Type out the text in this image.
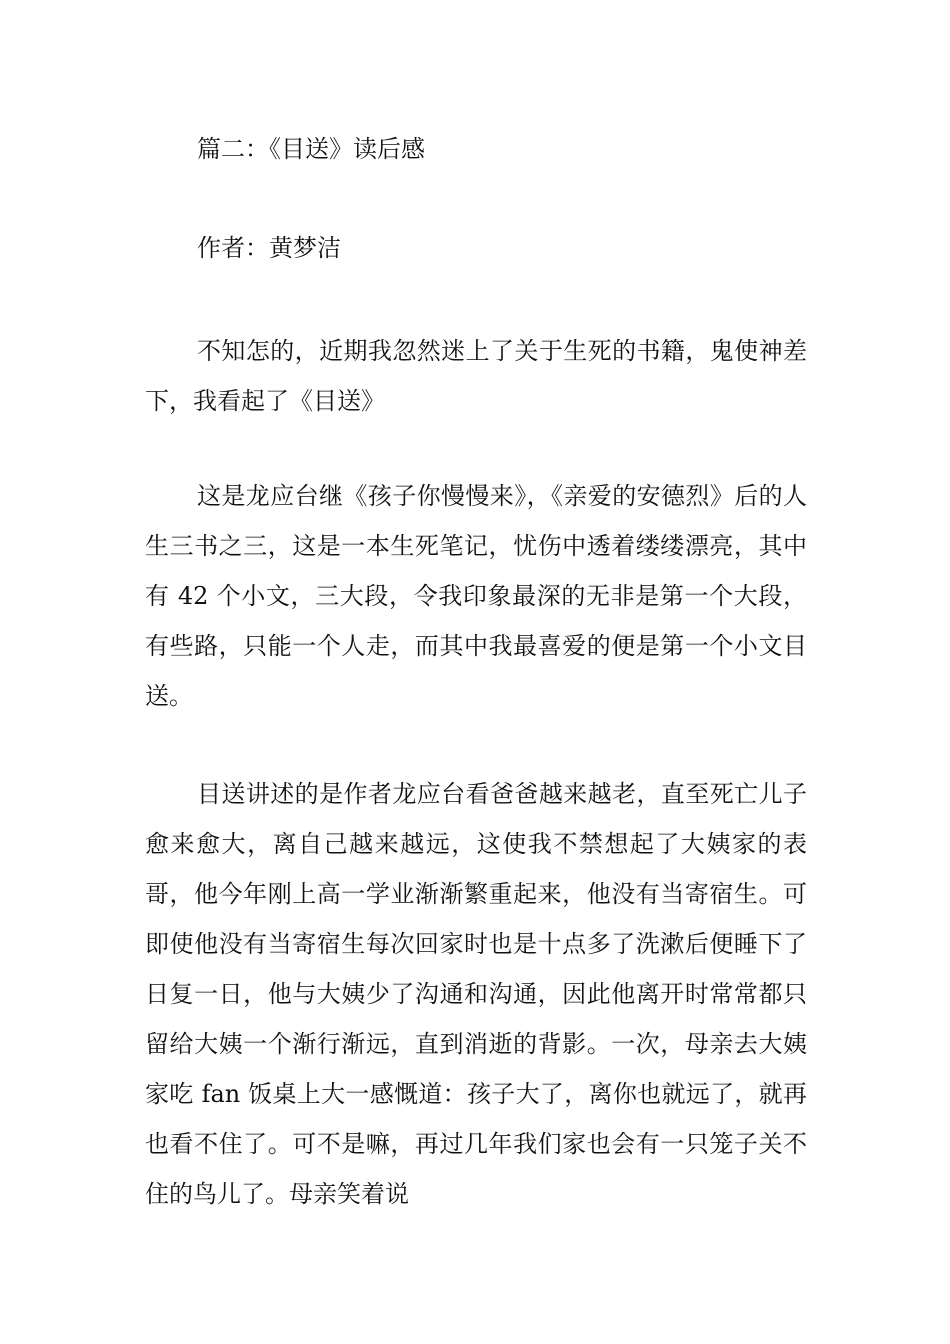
篇二：《目送》读后感

作者：黄梦洁

不知怎的，近期我忽然迷上了关于生死的书籍，鬼使神差下，我看起了《目送》

这是龙应台继《孩子你慢慢来》，《亲爱的安德烈》后的人生三书之三，这是一本生死笔记，忧伤中透着缕缕漂亮，其中有 42 个小文，三大段，令我印象最深的无非是第一个大段，有些路，只能一个人走，而其中我最喜爱的便是第一个小文目送。

目送讲述的是作者龙应台看爸爸越来越老，直至死亡儿子愈来愈大，离自己越来越远，这使我不禁想起了大姨家的表哥，他今年刚上高一学业渐渐繁重起来，他没有当寄宿生。可即使他没有当寄宿生每次回家时也是十点多了洗漱后便睡下了日复一日，他与大姨少了沟通和沟通，因此他离开时常常都只留给大姨一个渐行渐远，直到消逝的背影。一次，母亲去大姨家吃 fan 饭桌上大一感慨道：孩子大了，离你也就远了，就再也看不住了。可不是嘛，再过几年我们家也会有一只笼子关不住的鸟儿了。母亲笑着说
